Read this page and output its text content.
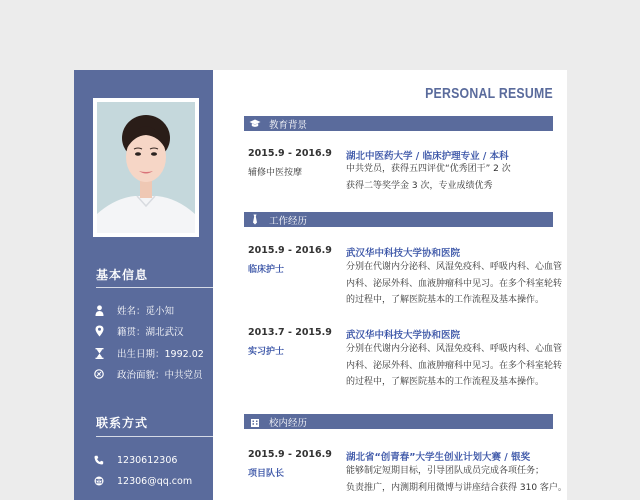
基本信息
姓名：觅小知
籍贯：湖北武汉
出生日期：1992.02
政治面貌：中共党员
联系方式
1230612306
12306@qq.com
PERSONAL RESUME
教育背景
2015.9 - 2016.9 湖北中医药大学 / 临床护理专业 / 本科
辅修中医按摩	中共党员，获得五四评优“优秀团干” 2 次
获得二等奖学金 3 次，专业成绩优秀
工作经历
2015.9 - 2016.9 武汉华中科技大学协和医院
临床护士	分别在代谢内分泌科、风湿免疫科、呼吸内科、心血管
内科、泌尿外科、血液肿瘤科中见习。在多个科室轮转
的过程中，了解医院基本的工作流程及基本操作。
2013.7 - 2015.9 武汉华中科技大学协和医院
实习护士	分别在代谢内分泌科、风湿免疫科、呼吸内科、心血管
内科、泌尿外科、血液肿瘤科中见习。在多个科室轮转
的过程中，了解医院基本的工作流程及基本操作。
校内经历
2015.9 - 2016.9 湖北省“创青春”大学生创业计划大赛 / 银奖
项目队长	能够制定短期目标，引导团队成员完成各项任务；
负责推广，内测期利用微博与讲座结合获得 310 客户。
